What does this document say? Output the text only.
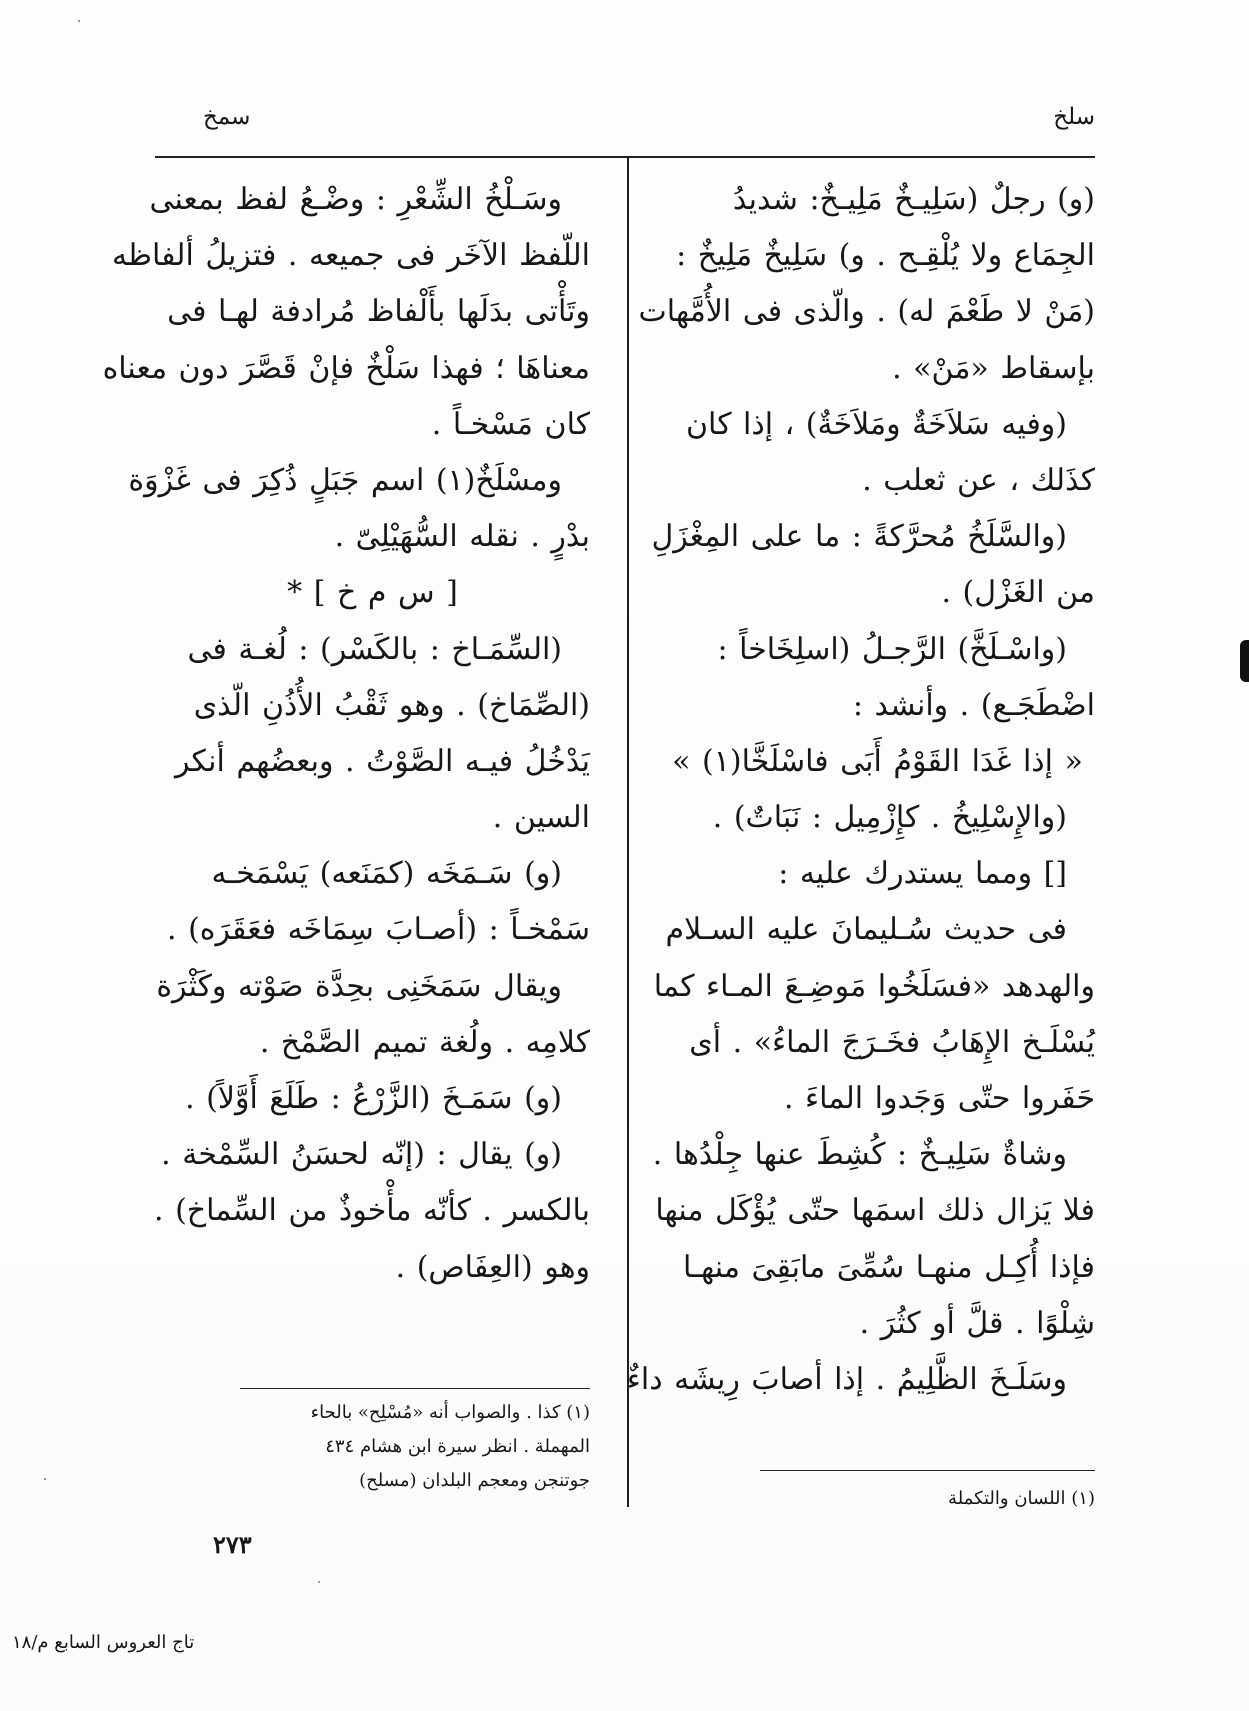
سلخ
سمخ
(و) رجلٌ (سَلِيـخٌ مَلِيـخٌ: شديدُ
الجِمَاع ولا يُلْقِـح . و) سَلِيخٌ مَلِيخٌ :
(مَنْ لا طَعْمَ له) . والّذى فى الأُمَّهات
بإسقاط «مَنْ» .
(وفيه سَلاَخَةٌ ومَلاَخَةٌ) ، إذا كان
كذَلك ، عن ثعلب .
(والسَّلَخُ مُحرَّكةً : ما على المِغْزَلِ
من الغَزْل) .
(واسْـلَخَّ) الرَّجـلُ (اسلِخَاخاً :
اضْطَجَـع) . وأنشد :
« إذا غَدَا القَوْمُ أَبَى فاسْلَخَّا(١) »
(والإِسْلِيخُ . كإِزْمِيل : نَبَاتٌ) .
[] ومما يستدرك عليه :
فى حديث سُـليمانَ عليه السـلام
والهدهد «فسَلَخُوا مَوضِـعَ المـاء كما
يُسْلَـخ الإِهَابُ فخَـرَجَ الماءُ» . أى
حَفَروا حتّى وَجَدوا الماءَ .
وشاةٌ سَلِيـخٌ : كُشِطَ عنها جِلْدُها .
فلا يَزال ذلك اسمَها حتّى يُؤْكَل منها
فإذا أُكِـل منهـا سُمِّىَ مابَقِىَ منهـا
شِلْوًا . قلَّ أو كثُرَ .
وسَلَـخَ الظَّلِيمُ . إذا أصابَ رِيشَه داءٌ
وسَـلْخُ الشِّعْرِ : وضْـعُ لفظ بمعنى
اللّفظ الآخَر فى جميعه . فتزيلُ ألفاظه
وتَأْتى بدَلَها بأَلْفاظ مُرادفة لهـا فى
معناهَا ؛ فهذا سَلْخٌ فإنْ قَصَّرَ دون معناه
كان مَسْخـاً .
ومسْلَخٌ(١) اسم جَبَلٍ ذُكِرَ فى غَزْوَة
بدْرٍ . نقله السُّهَيْلِىّ .
[ س م خ ] *
(السِّمَـاخ : بالكَسْر) : لُغـة فى
(الصِّمَاخ) . وهو ثَقْبُ الأُذُنِ الّذى
يَدْخُلُ فيـه الصَّوْتُ . وبعضُهم أنكر
السين .
(و) سَـمَخَه (كمَنَعه) يَسْمَخـه
سَمْخـاً : (أصـابَ سِمَاخَه فعَقَرَه) .
ويقال سَمَخَنِى بحِدَّة صَوْته وكَثْرَة
كلامِه . ولُغة تميم الصَّمْخ .
(و) سَمَـخَ (الزَّرْعُ : طَلَعَ أَوَّلاً) .
(و) يقال : (إنّه لحسَنُ السِّمْخة .
بالكسر . كأنّه مأْخوذٌ من السِّماخ) .
وهو (العِفَاص) .
(١) اللسان والتكملة
(١) كذا . والصواب أنه «مُسْلِح» بالحاء
المهملة . انظر سيرة ابن هشام ٤٣٤
جوتنجن ومعجم البلدان (مسلح)
٢٧٣
تاج العروس السابع م/١٨
